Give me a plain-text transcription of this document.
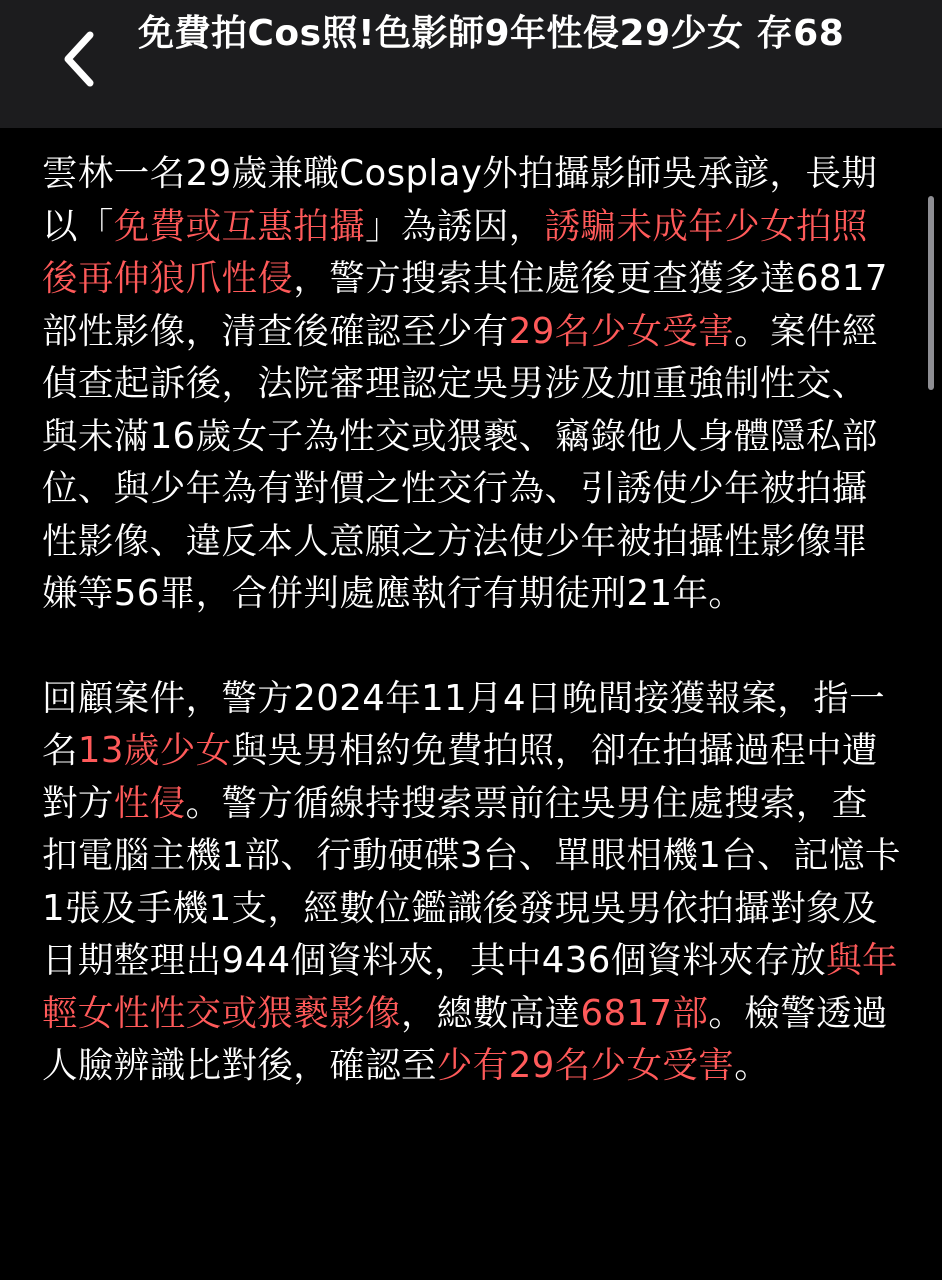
免費拍Cos照!色影師9年性侵29少女 存68

雲林一名29歲兼職Cosplay外拍攝影師吳承諺，長期以「免費或互惠拍攝」為誘因，誘騙未成年少女拍照後再伸狼爪性侵，警方搜索其住處後更查獲多達6817部性影像，清查後確認至少有29名少女受害。案件經偵查起訴後，法院審理認定吳男涉及加重強制性交、與未滿16歲女子為性交或猥褻、竊錄他人身體隱私部位、與少年為有對價之性交行為、引誘使少年被拍攝性影像、違反本人意願之方法使少年被拍攝性影像罪嫌等56罪，合併判處應執行有期徒刑21年。

回顧案件，警方2024年11月4日晚間接獲報案，指一名13歲少女與吳男相約免費拍照，卻在拍攝過程中遭對方性侵。警方循線持搜索票前往吳男住處搜索，查扣電腦主機1部、行動硬碟3台、單眼相機1台、記憶卡1張及手機1支，經數位鑑識後發現吳男依拍攝對象及日期整理出944個資料夾，其中436個資料夾存放與年輕女性性交或猥褻影像，總數高達6817部。檢警透過人臉辨識比對後，確認至少有29名少女受害。
